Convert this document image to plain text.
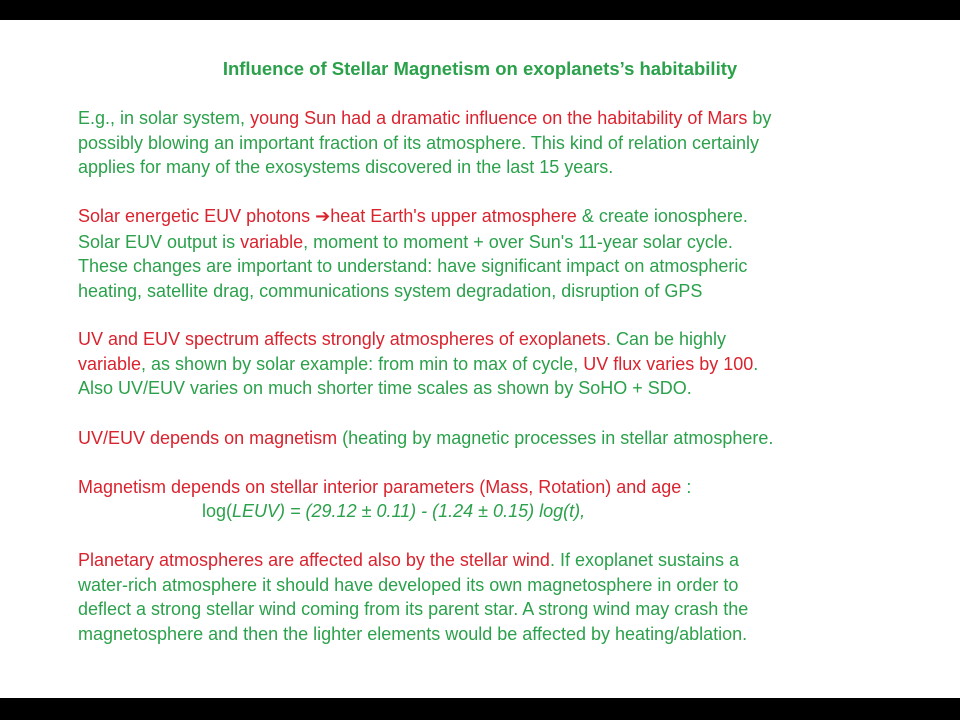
Influence of Stellar Magnetism on exoplanets’s habitability
E.g., in solar system, young Sun had a dramatic influence on the habitability of Mars by
possibly blowing an important fraction of its atmosphere. This kind of relation certainly
applies for many of the exosystems discovered in the last 15 years.
Solar energetic EUV photons ➔heat Earth's upper atmosphere & create ionosphere.
Solar EUV output is variable, moment to moment + over Sun's 11-year solar cycle.
These changes are important to understand: have significant impact on atmospheric
heating, satellite drag, communications system degradation, disruption of GPS
UV and EUV spectrum affects strongly atmospheres of exoplanets. Can be highly
variable, as shown by solar example: from min to max of cycle, UV flux varies by 100.
Also UV/EUV varies on much shorter time scales as shown by SoHO + SDO.
UV/EUV depends on magnetism (heating by magnetic processes in stellar atmosphere.
Magnetism depends on stellar interior parameters (Mass, Rotation) and age :
log(LEUV) = (29.12 ± 0.11) - (1.24 ± 0.15) log(t),
Planetary atmospheres are affected also by the stellar wind. If exoplanet sustains a
water-rich atmosphere it should have developed its own magnetosphere in order to
deflect a strong stellar wind coming from its parent star. A strong wind may crash the
magnetosphere and then the lighter elements would be affected by heating/ablation.
